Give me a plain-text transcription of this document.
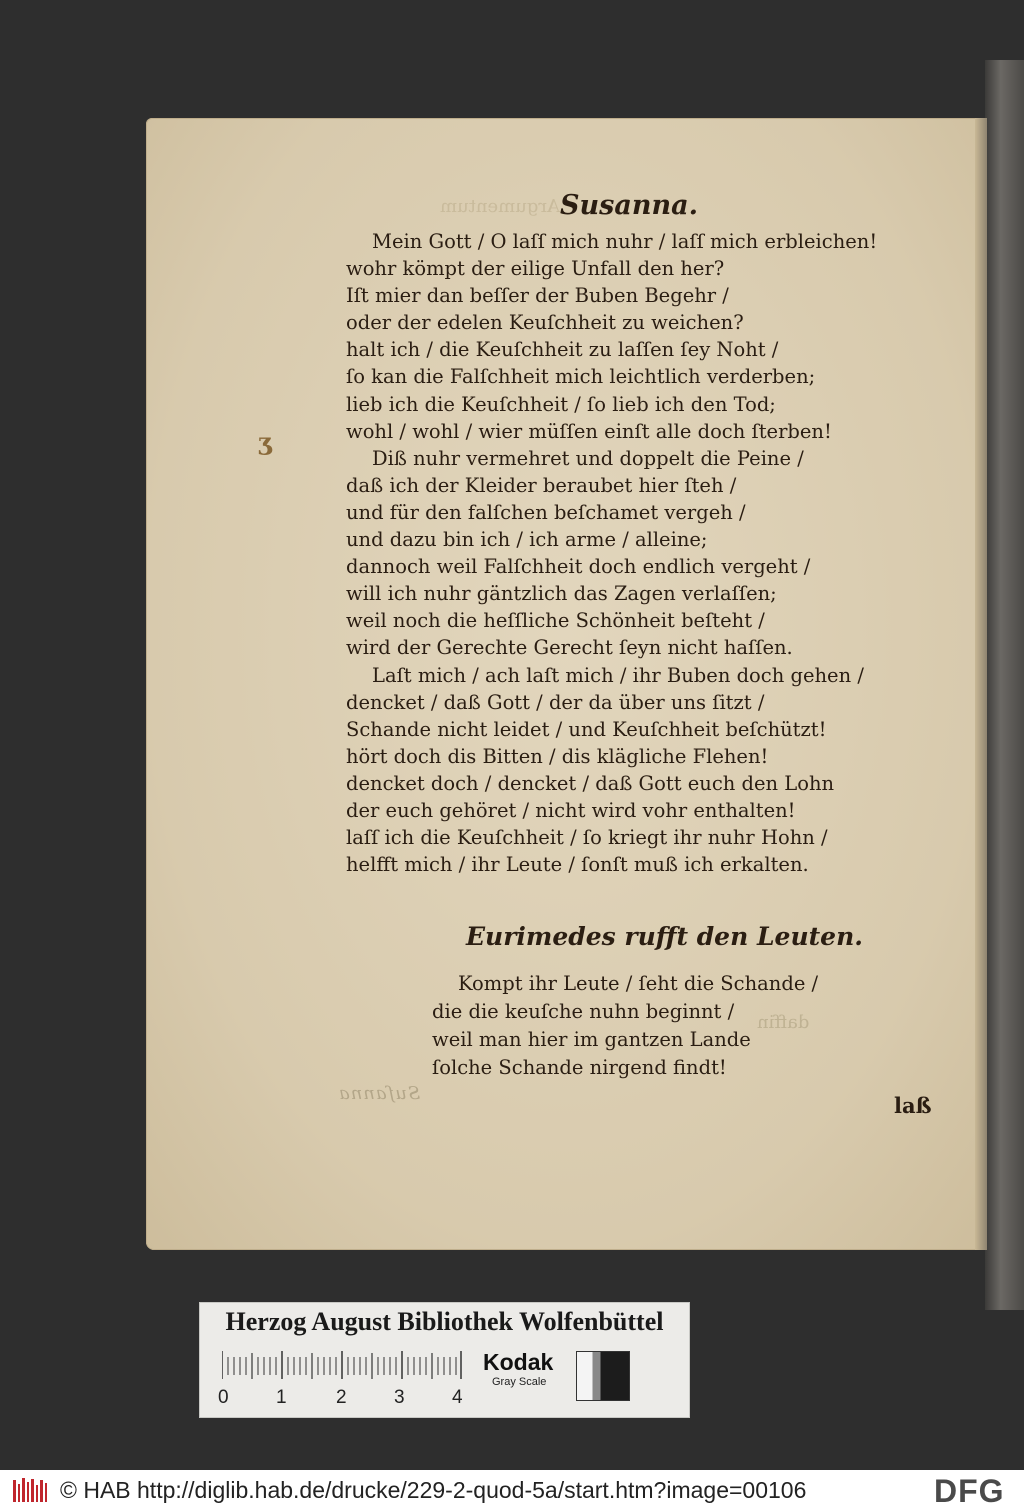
Argumentum
daffin
Suſanna
ʒ
Susanna.
Mein Gott / O laſſ mich nuhr / laſſ mich erbleichen!
wohr kömpt der eilige Unfall den her?
Iſt mier dan beſſer der Buben Begehr /
oder der edelen Keuſchheit zu weichen?
halt ich / die Keuſchheit zu laſſen ſey Noht /
ſo kan die Falſchheit mich leichtlich verderben;
lieb ich die Keuſchheit / ſo lieb ich den Tod;
wohl / wohl / wier müſſen einſt alle doch ſterben!
Diß nuhr vermehret und doppelt die Peine /
daß ich der Kleider beraubet hier ſteh /
und für den falſchen beſchamet vergeh /
und dazu bin ich / ich arme / alleine;
dannoch weil Falſchheit doch endlich vergeht /
will ich nuhr gäntzlich das Zagen verlaſſen;
weil noch die heſſliche Schönheit beſteht /
wird der Gerechte Gerecht ſeyn nicht haſſen.
Laſt mich / ach laſt mich / ihr Buben doch gehen /
dencket / daß Gott / der da über uns ſitzt /
Schande nicht leidet / und Keuſchheit beſchützt!
hört doch dis Bitten / dis klägliche Flehen!
dencket doch / dencket / daß Gott euch den Lohn
der euch gehöret / nicht wird vohr enthalten!
laſſ ich die Keuſchheit / ſo kriegt ihr nuhr Hohn /
helfft mich / ihr Leute / ſonſt muß ich erkalten.
Eurimedes rufft den Leuten.
Kompt ihr Leute / ſeht die Schande /
die die keuſche nuhn beginnt /
weil man hier im gantzen Lande
ſolche Schande nirgend findt!
laß
Herzog August Bibliothek Wolfenbüttel
0 1	2 3 4
Kodak
Gray Scale
© HAB http://diglib.hab.de/drucke/229-2-quod-5a/start.htm?image=00106	DFG
